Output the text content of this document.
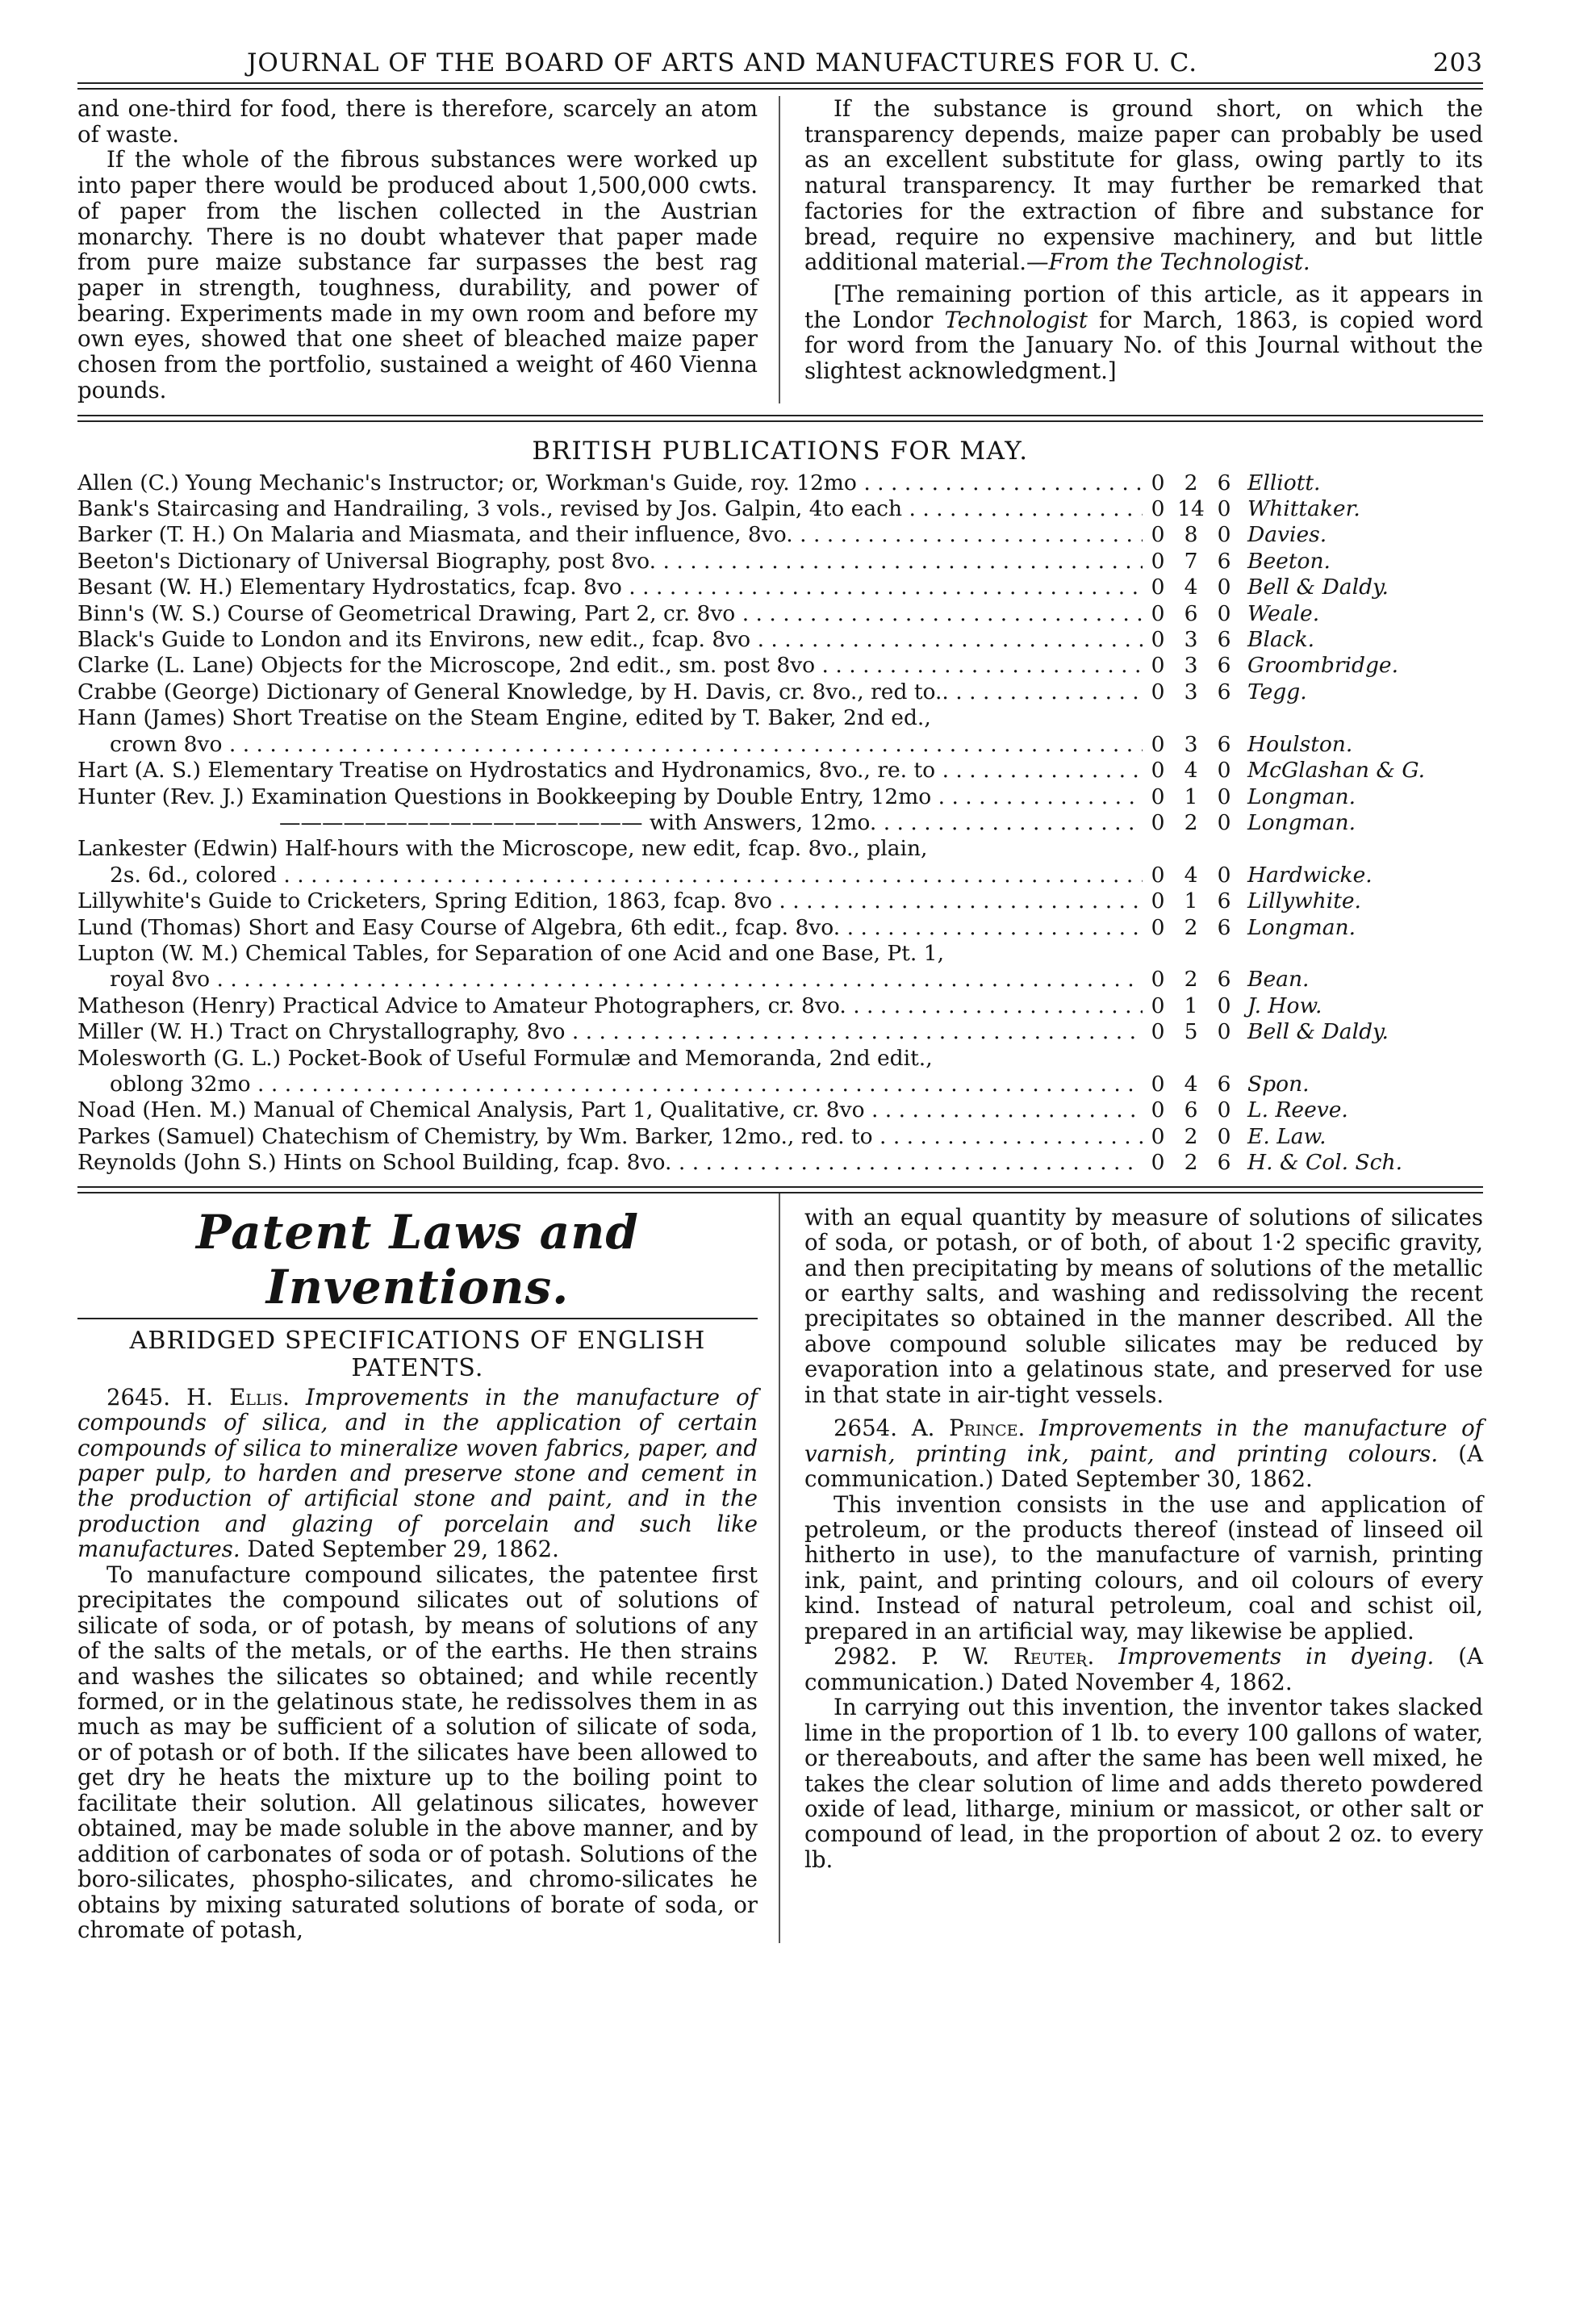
JOURNAL OF THE BOARD OF ARTS AND MANUFACTURES FOR U. C.	203

and one-third for food, there is therefore, scarcely an atom of waste.

If the whole of the fibrous substances were worked up into paper there would be produced about 1,500,000 cwts. of paper from the lischen collected in the Austrian monarchy. There is no doubt whatever that paper made from pure maize substance far surpasses the best rag paper in strength, toughness, durability, and power of bearing. Experiments made in my own room and before my own eyes, showed that one sheet of bleached maize paper chosen from the portfolio, sustained a weight of 460 Vienna pounds.

If the substance is ground short, on which the transparency depends, maize paper can probably be used as an excellent substitute for glass, owing partly to its natural transparency. It may further be remarked that factories for the extraction of fibre and substance for bread, require no expensive machinery, and but little additional material.—From the Technologist.

[The remaining portion of this article, as it appears in the Londor Technologist for March, 1863, is copied word for word from the January No. of this Journal without the slightest acknowledgment.]

BRITISH PUBLICATIONS FOR MAY.
Allen (C.) Young Mechanic's Instructor; or, Workman's Guide, roy. 12mo . . .	0 2 6 Elliott.
Bank's Staircasing and Handrailing, 3 vols., revised by Jos. Galpin, 4to each . . .	0 14 0 Whittaker.
Barker (T. H.) On Malaria and Miasmata, and their influence, 8vo. . . .	0 8 0 Davies.
Beeton's Dictionary of Universal Biography, post 8vo. . . .	0 7 6 Beeton.
Besant (W. H.) Elementary Hydrostatics, fcap. 8vo . . .	0 4 0 Bell & Daldy.
Binn's (W. S.) Course of Geometrical Drawing, Part 2, cr. 8vo . . .	0 6 0 Weale.
Black's Guide to London and its Environs, new edit., fcap. 8vo . . .	0 3 6 Black.
Clarke (L. Lane) Objects for the Microscope, 2nd edit., sm. post 8vo . . .	0 3 6 Groombridge.
Crabbe (George) Dictionary of General Knowledge, by H. Davis, cr. 8vo., red to.. . . .	0 3 6 Tegg.
Hann (James) Short Treatise on the Steam Engine, edited by T. Baker, 2nd ed.,
crown 8vo . . .	0 3 6 Houlston.
Hart (A. S.) Elementary Treatise on Hydrostatics and Hydronamics, 8vo., re. to . . .	0 4 0 McGlashan & G.
Hunter (Rev. J.) Examination Questions in Bookkeeping by Double Entry, 12mo . . .	0 1 0 Longman.
————————————————— with Answers, 12mo. . . .	0 2 0 Longman.
Lankester (Edwin) Half-hours with the Microscope, new edit, fcap. 8vo., plain,
2s. 6d., colored . . .	0 4 0 Hardwicke.
Lillywhite's Guide to Cricketers, Spring Edition, 1863, fcap. 8vo . . .	0 1 6 Lillywhite.
Lund (Thomas) Short and Easy Course of Algebra, 6th edit., fcap. 8vo. . . .	0 2 6 Longman.
Lupton (W. M.) Chemical Tables, for Separation of one Acid and one Base, Pt. 1,
royal 8vo . . .	0 2 6 Bean.
Matheson (Henry) Practical Advice to Amateur Photographers, cr. 8vo. . . .	0 1 0 J. How.
Miller (W. H.) Tract on Chrystallography, 8vo . . .	0 5 0 Bell & Daldy.
Molesworth (G. L.) Pocket-Book of Useful Formulæ and Memoranda, 2nd edit.,
oblong 32mo . . .	0 4 6 Spon.
Noad (Hen. M.) Manual of Chemical Analysis, Part 1, Qualitative, cr. 8vo . . .	0 6 0 L. Reeve.
Parkes (Samuel) Chatechism of Chemistry, by Wm. Barker, 12mo., red. to . . .	0 2 0 E. Law.
Reynolds (John S.) Hints on School Building, fcap. 8vo. . . .	0 2 6 H. & Col. Sch.
Patent Laws and Inventions.
ABRIDGED SPECIFICATIONS OF ENGLISH PATENTS.

2645. H. Ellis. Improvements in the manufacture of compounds of silica, and in the application of certain compounds of silica to mineralize woven fabrics, paper, and paper pulp, to harden and preserve stone and cement in the production of artificial stone and paint, and in the production and glazing of porcelain and such like manufactures. Dated September 29, 1862.

To manufacture compound silicates, the patentee first precipitates the compound silicates out of solutions of silicate of soda, or of potash, by means of solutions of any of the salts of the metals, or of the earths. He then strains and washes the silicates so obtained; and while recently formed, or in the gelatinous state, he redissolves them in as much as may be sufficient of a solution of silicate of soda, or of potash or of both. If the silicates have been allowed to get dry he heats the mixture up to the boiling point to facilitate their solution. All gelatinous silicates, however obtained, may be made soluble in the above manner, and by addition of carbonates of soda or of potash. Solutions of the boro-silicates, phospho-silicates, and chromo-silicates he obtains by mixing saturated solutions of borate of soda, or chromate of potash,

with an equal quantity by measure of solutions of silicates of soda, or potash, or of both, of about 1·2 specific gravity, and then precipitating by means of solutions of the metallic or earthy salts, and washing and redissolving the recent precipitates so obtained in the manner described. All the above compound soluble silicates may be reduced by evaporation into a gelatinous state, and preserved for use in that state in air-tight vessels.

2654. A. Prince. Improvements in the manufacture of varnish, printing ink, paint, and printing colours. (A communication.) Dated September 30, 1862.

This invention consists in the use and application of petroleum, or the products thereof (instead of linseed oil hitherto in use), to the manufacture of varnish, printing ink, paint, and printing colours, and oil colours of every kind. Instead of natural petroleum, coal and schist oil, prepared in an artificial way, may likewise be applied.

2982. P. W. Reuteʀ. Improvements in dyeing. (A communication.) Dated November 4, 1862.

In carrying out this invention, the inventor takes slacked lime in the proportion of 1 lb. to every 100 gallons of water, or thereabouts, and after the same has been well mixed, he takes the clear solution of lime and adds thereto powdered oxide of lead, litharge, minium or massicot, or other salt or compound of lead, in the proportion of about 2 oz. to every lb.
